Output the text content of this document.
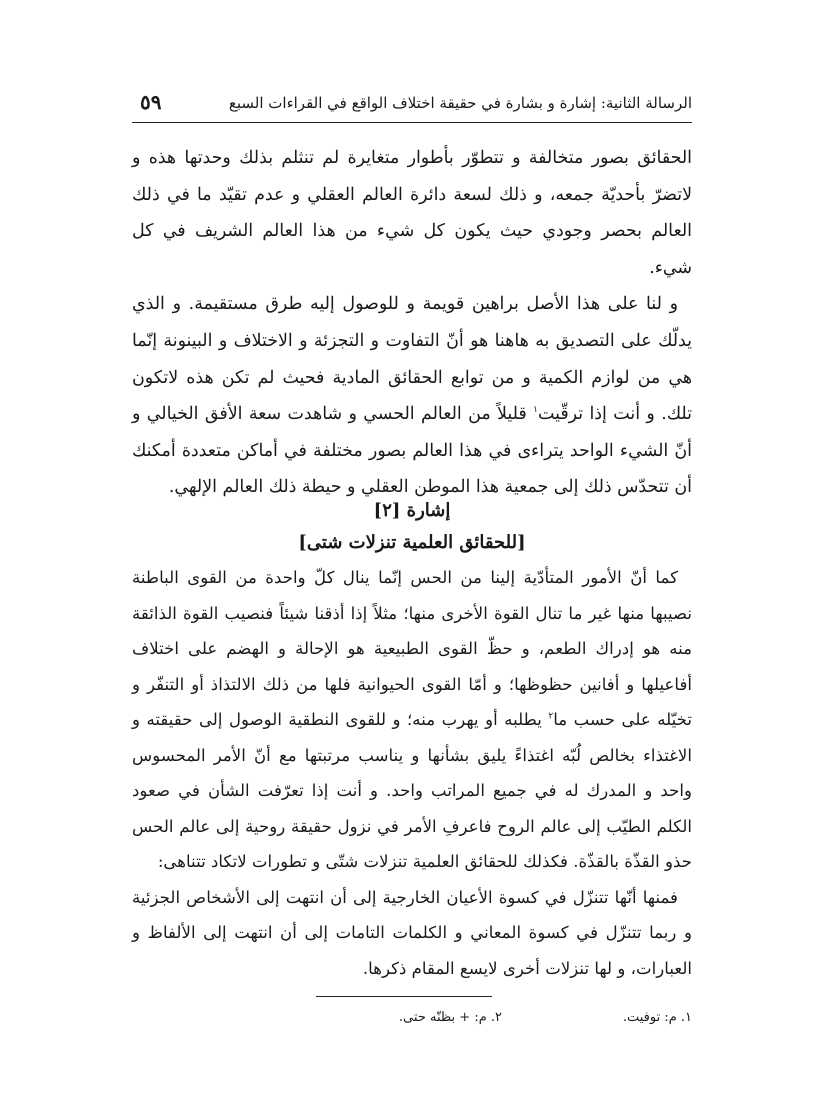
الرسالة الثانية: إشارة و بشارة في حقيقة اختلاف الواقع في القراءات السبع
٥٩

الحقائق بصور متخالفة و تتطوّر بأطوار متغايرة لم تنثلم بذلك وحدتها هذه و لاتضرّ بأحديّة جمعه، و ذلك لسعة دائرة العالم العقلي و عدم تقيّد ما في ذلك العالم بحصر وجودي حيث يكون كل شيء من هذا العالم الشريف في كل شيء.

و لنا على هذا الأصل براهين قويمة و للوصول إليه طرق مستقيمة. و الذي يدلّك على التصديق به هاهنا هو أنّ التفاوت و التجزئة و الاختلاف و البينونة إنّما هي من لوازم الكمية و من توابع الحقائق المادية فحيث لم تكن هذه لاتكون تلك. و أنت إذا ترقّيت$^١$ قليلاً من العالم الحسي و شاهدت سعة الأفق الخيالي و أنّ الشيء الواحد يتراءى في هذا العالم بصور مختلفة في أماكن متعددة أمكنك أن تتحدّس ذلك إلى جمعية هذا الموطن العقلي و حيطة ذلك العالم الإلهي.

إشارة [٢]
[للحقائق العلمية تنزلات شتى]

كما أنّ الأمور المتأدّية إلينا من الحس إنّما ينال كلّ واحدة من القوى الباطنة نصيبها منها غير ما تنال القوة الأخرى منها؛ مثلاً إذا أذقنا شيئاً فنصيب القوة الذائقة منه هو إدراك الطعم، و حظّ القوى الطبيعية هو الإحالة و الهضم على اختلاف أفاعيلها و أفانين حظوظها؛ و أمّا القوى الحيوانية فلها من ذلك الالتذاذ أو التنفّر و تخيّله على حسب ما$^٢$ يطلبه أو يهرب منه؛ و للقوى النطقية الوصول إلى حقيقته و الاغتذاء بخالص لُبّه اغتذاءً يليق بشأنها و يناسب مرتبتها مع أنّ الأمر المحسوس واحد و المدرك له في جميع المراتب واحد. و أنت إذا تعرّفت الشأن في صعود الكلم الطيّب إلى عالم الروح فاعرفِ الأمر في نزول حقيقة روحية إلى عالم الحس حذو القذّة بالقذّة. فكذلك للحقائق العلمية تنزلات شتّى و تطورات لاتكاد تتناهى:

فمنها أنّها تتنزّل في كسوة الأعيان الخارجية إلى أن انتهت إلى الأشخاص الجزئية و ربما تتنزّل في كسوة المعاني و الكلمات التامات إلى أن انتهت إلى الألفاظ و العبارات، و لها تنزلات أخرى لايسع المقام ذكرها.

١. م: توفيت.
٢. م: + بظنّه حتى.
